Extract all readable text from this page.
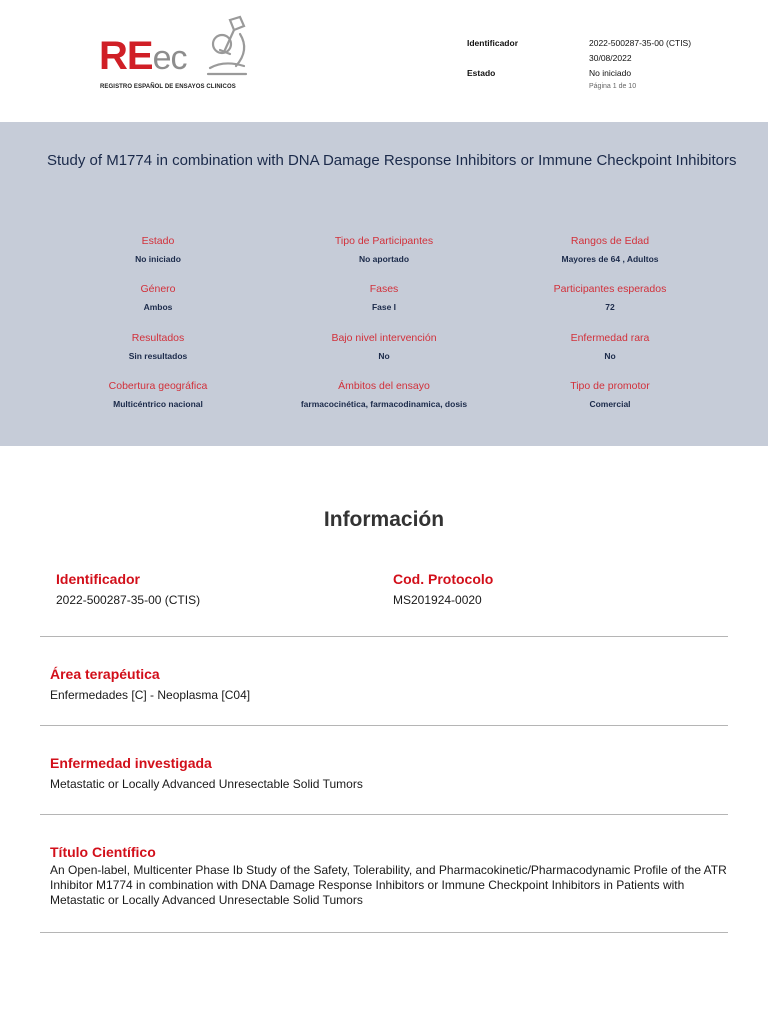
REec
REGISTRO ESPAÑOL DE ENSAYOS CLINICOS
Identificador	2022-500287-35-00 (CTIS)
30/08/2022
Estado	No iniciado
Página 1 de 10
Study of M1774 in combination with DNA Damage Response Inhibitors or Immune Checkpoint Inhibitors
Estado
No iniciado
Tipo de Participantes
No aportado
Rangos de Edad
Mayores de 64 , Adultos
Género
Ambos
Fases
Fase I
Participantes esperados
72
Resultados
Sin resultados
Bajo nivel intervención
No
Enfermedad rara
No
Cobertura geográfica
Multicéntrico nacional
Ámbitos del ensayo
farmacocinética, farmacodinamica, dosis
Tipo de promotor
Comercial
Información
Identificador
2022-500287-35-00 (CTIS)
Cod. Protocolo
MS201924-0020
Área terapéutica
Enfermedades [C] - Neoplasma [C04]
Enfermedad investigada
Metastatic or Locally Advanced Unresectable Solid Tumors
Título Científico
An Open-label, Multicenter Phase Ib Study of the Safety, Tolerability, and Pharmacokinetic/Pharmacodynamic Profile of the ATR Inhibitor M1774 in combination with DNA Damage Response Inhibitors or Immune Checkpoint Inhibitors in Patients with Metastatic or Locally Advanced Unresectable Solid Tumors
